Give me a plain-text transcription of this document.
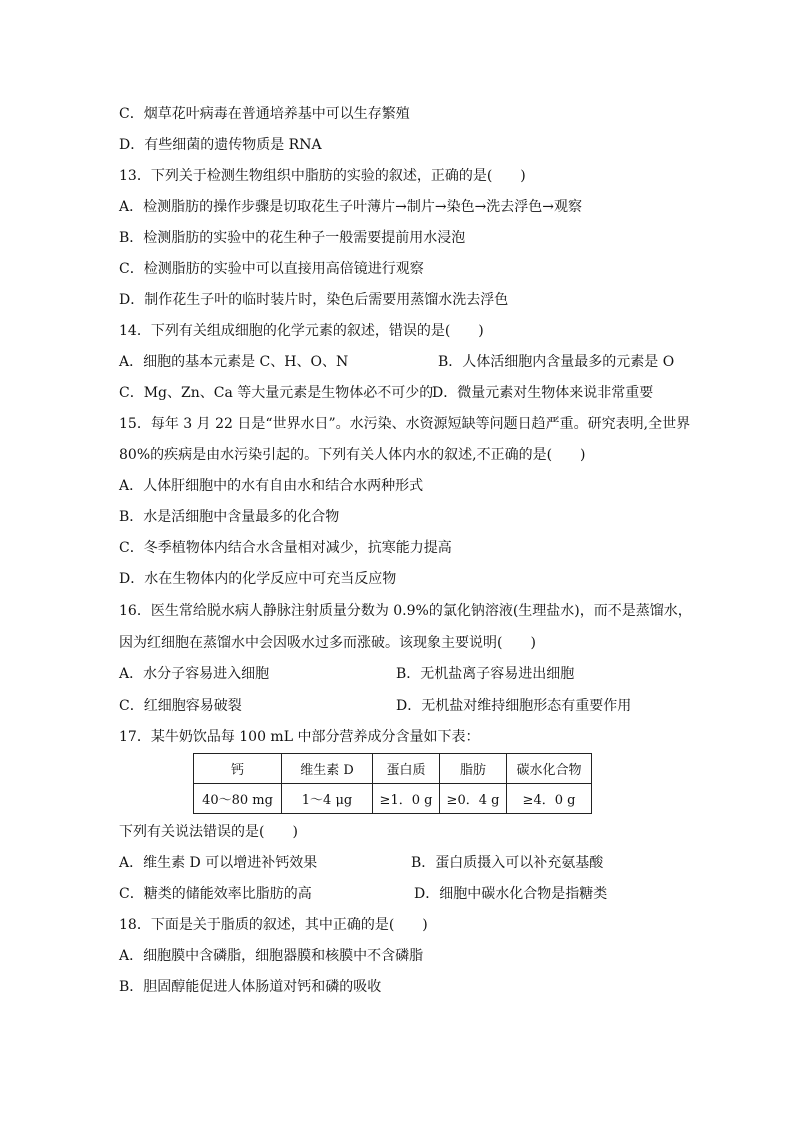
C．烟草花叶病毒在普通培养基中可以生存繁殖
D．有些细菌的遗传物质是 RNA
13．下列关于检测生物组织中脂肪的实验的叙述，正确的是(　　)
A．检测脂肪的操作步骤是切取花生子叶薄片→制片→染色→洗去浮色→观察
B．检测脂肪的实验中的花生种子一般需要提前用水浸泡
C．检测脂肪的实验中可以直接用高倍镜进行观察
D．制作花生子叶的临时装片时，染色后需要用蒸馏水洗去浮色
14．下列有关组成细胞的化学元素的叙述，错误的是(　　)
A．细胞的基本元素是 C、H、O、N	B．人体活细胞内含量最多的元素是 O
C．Mg、Zn、Ca 等大量元素是生物体必不可少的
D．微量元素对生物体来说非常重要
15．每年 3 月 22 日是“世界水日”。水污染、水资源短缺等问题日趋严重。研究表明,全世界
80%的疾病是由水污染引起的。下列有关人体内水的叙述,不正确的是(　　)
A．人体肝细胞中的水有自由水和结合水两种形式
B．水是活细胞中含量最多的化合物
C．冬季植物体内结合水含量相对减少，抗寒能力提高
D．水在生物体内的化学反应中可充当反应物
16．医生常给脱水病人静脉注射质量分数为 0.9%的氯化钠溶液(生理盐水)，而不是蒸馏水，
因为红细胞在蒸馏水中会因吸水过多而涨破。该现象主要说明(　　)
A．水分子容易进入细胞	B．无机盐离子容易进出细胞
C．红细胞容易破裂	D．无机盐对维持细胞形态有重要作用
17．某牛奶饮品每 100 mL 中部分营养成分含量如下表：
钙	维生素 D	蛋白质	脂肪	碳水化合物
40～80 mg	1～4 μg	≥1．0 g	≥0．4 g	≥4．0 g
下列有关说法错误的是(　　)
A．维生素 D 可以增进补钙效果	B．蛋白质摄入可以补充氨基酸
C．糖类的储能效率比脂肪的高	D．细胞中碳水化合物是指糖类
18．下面是关于脂质的叙述，其中正确的是(　　)
A．细胞膜中含磷脂，细胞器膜和核膜中不含磷脂
B．胆固醇能促进人体肠道对钙和磷的吸收
